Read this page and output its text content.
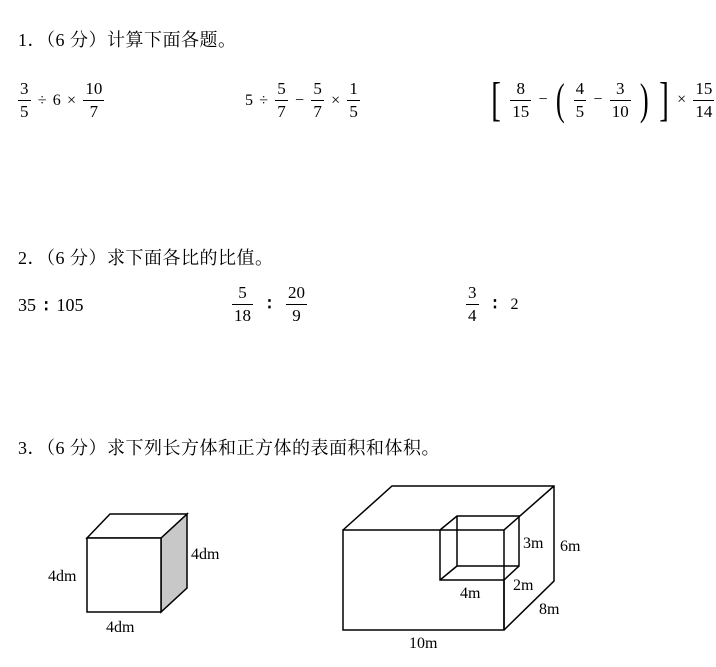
1．（6 分）计算下面各题。
$\frac{3}{5} \div 6 \times \frac{10}{7}$	$5 \div \frac{5}{7} - \frac{5}{7} \times \frac{1}{5}$	[ $\frac{8}{15}$ − ( $\frac{4}{5} - \frac{3}{10}$ ) ] × $\frac{15}{14}$
2．（6 分）求下面各比的比值。
35 ∶ 105	$\frac{5}{18}$ ∶ $\frac{20}{9}$	$\frac{3}{4}$ ∶ 2
3．（6 分）求下列长方体和正方体的表面积和体积。
4dm
4dm
4dm
3m 6m
4m 2m
8m
10m
